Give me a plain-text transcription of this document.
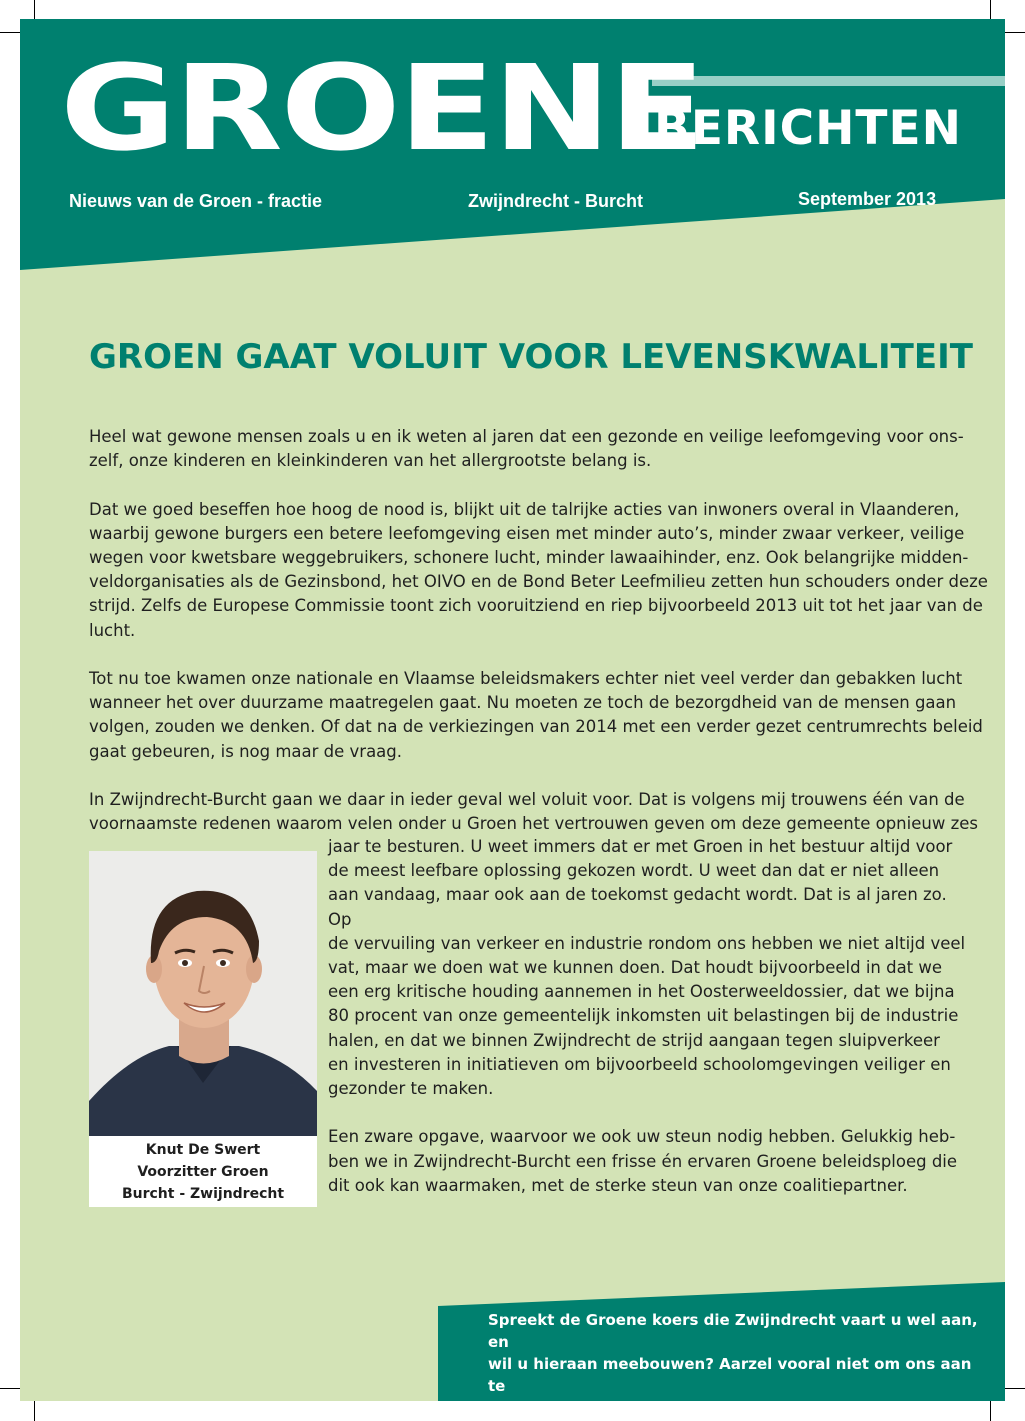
GROENE
BERICHTEN
Nieuws van de Groen - fractie	Zwijndrecht - Burcht	September 2013
GROEN GAAT VOLUIT VOOR LEVENSKWALITEIT

Heel wat gewone mensen zoals u en ik weten al jaren dat een gezonde en veilige leefomgeving voor ons-
zelf, onze kinderen en kleinkinderen van het allergrootste belang is.

Dat we goed beseffen hoe hoog de nood is, blijkt uit de talrijke acties van inwoners overal in Vlaanderen,
waarbij gewone burgers een betere leefomgeving eisen met minder auto’s, minder zwaar verkeer, veilige
wegen voor kwetsbare weggebruikers, schonere lucht, minder lawaaihinder, enz. Ook belangrijke midden-
veldorganisaties als de Gezinsbond, het OIVO en de Bond Beter Leefmilieu zetten hun schouders onder deze
strijd. Zelfs de Europese Commissie toont zich vooruitziend en riep bijvoorbeeld 2013 uit tot het jaar van de
lucht.

Tot nu toe kwamen onze nationale en Vlaamse beleidsmakers echter niet veel verder dan gebakken lucht
wanneer het over duurzame maatregelen gaat. Nu moeten ze toch de bezorgdheid van de mensen gaan
volgen, zouden we denken. Of dat na de verkiezingen van 2014 met een verder gezet centrumrechts beleid
gaat gebeuren, is nog maar de vraag.

In Zwijndrecht-Burcht gaan we daar in ieder geval wel voluit voor. Dat is volgens mij trouwens één van de
voornaamste redenen waarom velen onder u Groen het vertrouwen geven om deze gemeente opnieuw zes

jaar te besturen. U weet immers dat er met Groen in het bestuur altijd voor
de meest leefbare oplossing gekozen wordt. U weet dan dat er niet alleen
aan vandaag, maar ook aan de toekomst gedacht wordt. Dat is al jaren zo. Op
de vervuiling van verkeer en industrie rondom ons hebben we niet altijd veel
vat, maar we doen wat we kunnen doen. Dat houdt bijvoorbeeld in dat we
een erg kritische houding aannemen in het Oosterweeldossier, dat we bijna
80 procent van onze gemeentelijk inkomsten uit belastingen bij de industrie
halen, en dat we binnen Zwijndrecht de strijd aangaan tegen sluipverkeer
en investeren in initiatieven om bijvoorbeeld schoolomgevingen veiliger en
gezonder te maken.

Een zware opgave, waarvoor we ook uw steun nodig hebben. Gelukkig heb-
ben we in Zwijndrecht-Burcht een frisse én ervaren Groene beleidsploeg die
dit ook kan waarmaken, met de sterke steun van onze coalitiepartner.

Knut De Swert
Voorzitter Groen
Burcht - Zwijndrecht
Spreekt de Groene koers die Zwijndrecht vaart u wel aan, en
wil u hieraan meebouwen? Aarzel vooral niet om ons aan te
spreken!    info@groenzwijndrecht.be
